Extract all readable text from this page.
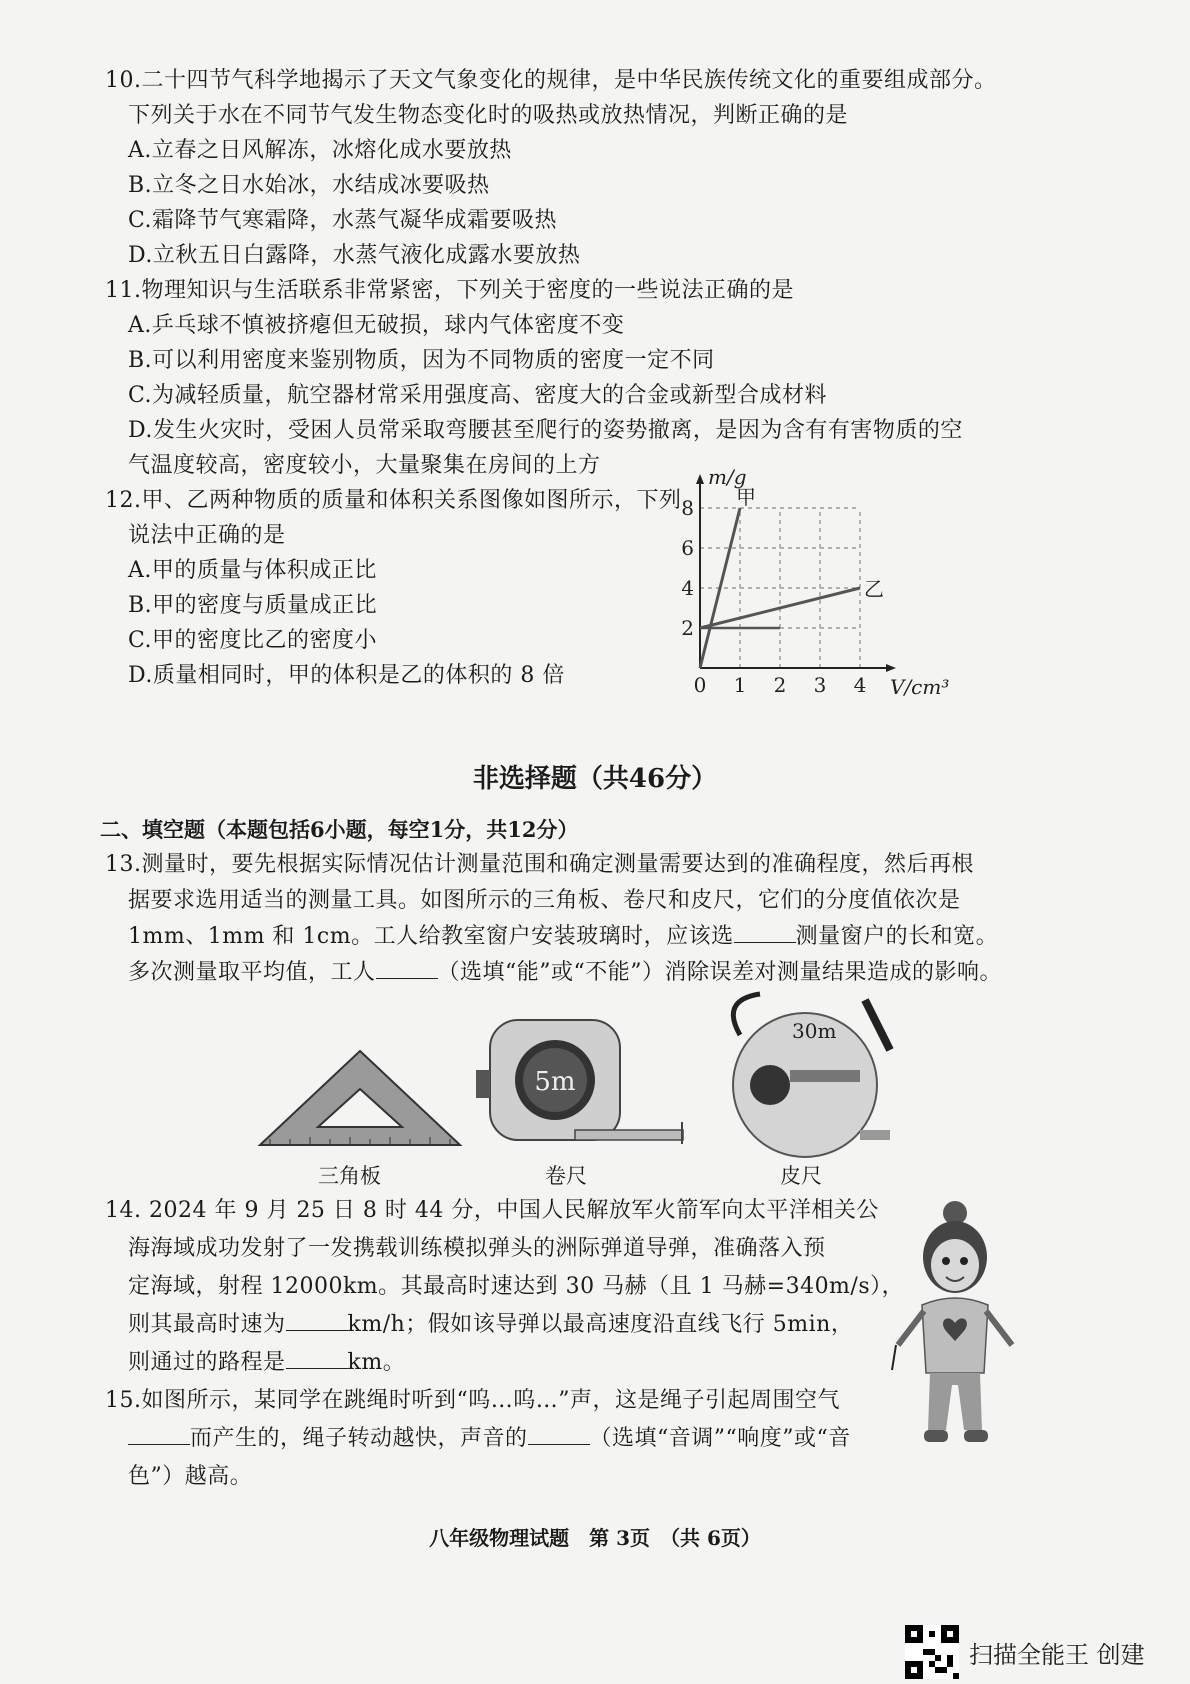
10.二十四节气科学地揭示了天文气象变化的规律，是中华民族传统文化的重要组成部分。
下列关于水在不同节气发生物态变化时的吸热或放热情况，判断正确的是
A.立春之日风解冻，冰熔化成水要放热
B.立冬之日水始冰，水结成冰要吸热
C.霜降节气寒霜降，水蒸气凝华成霜要吸热
D.立秋五日白露降，水蒸气液化成露水要放热
11.物理知识与生活联系非常紧密，下列关于密度的一些说法正确的是
A.乒乓球不慎被挤瘪但无破损，球内气体密度不变
B.可以利用密度来鉴别物质，因为不同物质的密度一定不同
C.为减轻质量，航空器材常采用强度高、密度大的合金或新型合成材料
D.发生火灾时，受困人员常采取弯腰甚至爬行的姿势撤离，是因为含有有害物质的空
气温度较高，密度较小，大量聚集在房间的上方
12.甲、乙两种物质的质量和体积关系图像如图所示，下列
说法中正确的是
A.甲的质量与体积成正比
B.甲的密度与质量成正比
C.甲的密度比乙的密度小
D.质量相同时，甲的体积是乙的体积的 8 倍	0 1 2 3 4
2
4
6
8
V/cm³
m/g
甲
乙
非选择题（共46分）
二、填空题（本题包括6小题，每空1分，共12分）
13.测量时，要先根据实际情况估计测量范围和确定测量需要达到的准确程度，然后再根
据要求选用适当的测量工具。如图所示的三角板、卷尺和皮尺，它们的分度值依次是
1mm、1mm 和 1cm。工人给教室窗户安装玻璃时，应该选	测量窗户的长和宽。
多次测量取平均值，工人	（选填“能”或“不能”）消除误差对测量结果造成的影响。
5m
30m
三角板	卷尺	皮尺
14. 2024 年 9 月 25 日 8 时 44 分，中国人民解放军火箭军向太平洋相关公
海海域成功发射了一发携载训练模拟弹头的洲际弹道导弹，准确落入预
定海域，射程 12000km。其最高时速达到 30 马赫（且 1 马赫=340m/s），
则其最高时速为	km/h；假如该导弹以最高速度沿直线飞行 5min，
则通过的路程是	km。
15.如图所示，某同学在跳绳时听到“呜…呜…”声，这是绳子引起周围空气
而产生的，绳子转动越快，声音的	（选填“音调”“响度”或“音
色”）越高。
八年级物理试题　第 3页　（共 6页）
扫描全能王 创建
